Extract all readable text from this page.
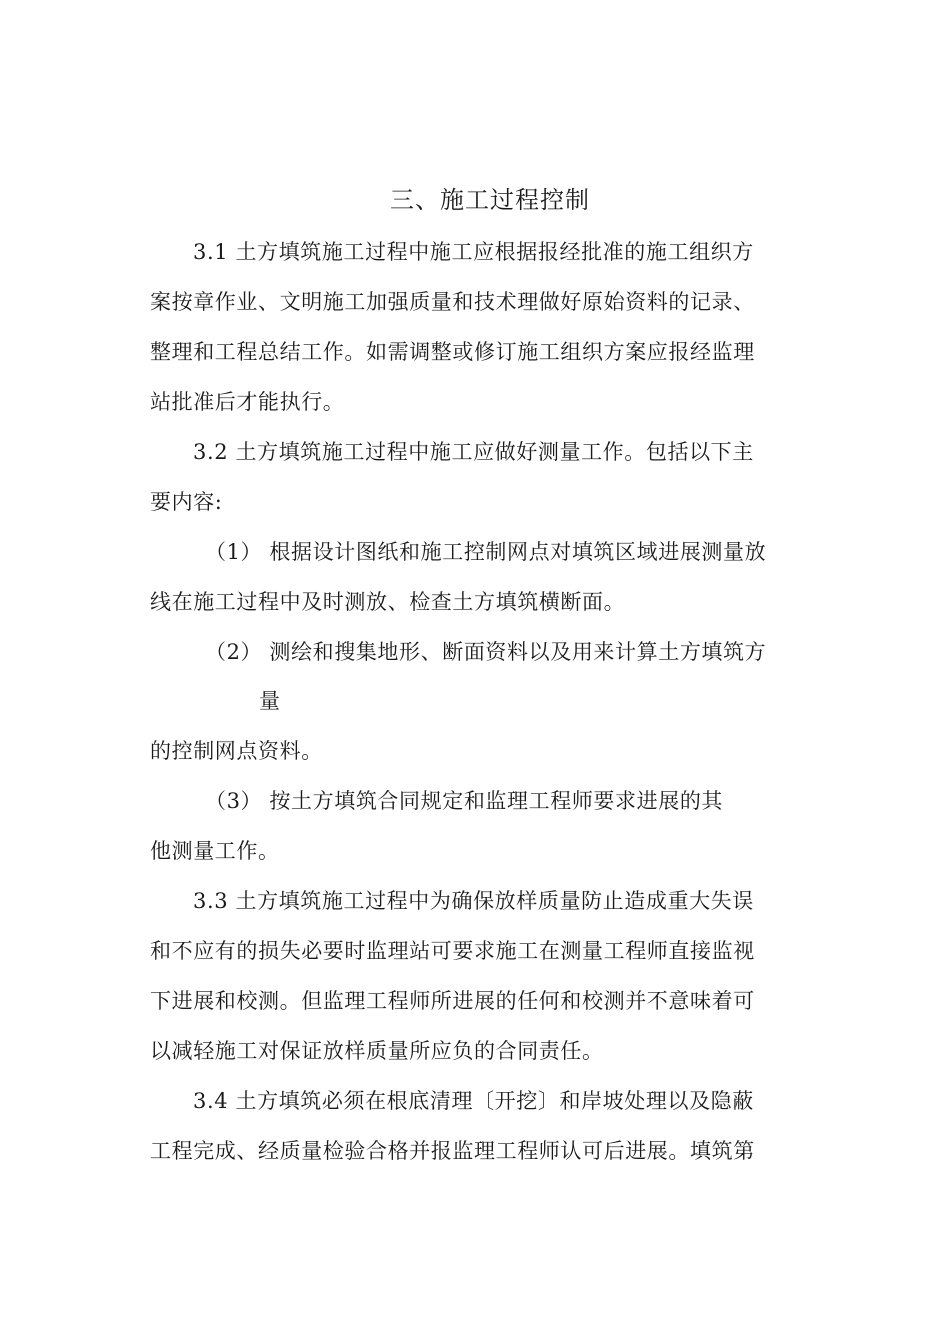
三、施工过程控制
3.1 土方填筑施工过程中施工应根据报经批准的施工组织方
案按章作业、文明施工加强质量和技术理做好原始资料的记录、
整理和工程总结工作。如需调整或修订施工组织方案应报经监理
站批准后才能执行。
3.2 土方填筑施工过程中施工应做好测量工作。包括以下主
要内容:
（1） 根据设计图纸和施工控制网点对填筑区域进展测量放
线在施工过程中及时测放、检查土方填筑横断面。
（2） 测绘和搜集地形、断面资料以及用来计算土方填筑方
量
的控制网点资料。
（3） 按土方填筑合同规定和监理工程师要求进展的其
他测量工作。
3.3 土方填筑施工过程中为确保放样质量防止造成重大失误
和不应有的损失必要时监理站可要求施工在测量工程师直接监视
下进展和校测。但监理工程师所进展的任何和校测并不意味着可
以减轻施工对保证放样质量所应负的合同责任。
3.4 土方填筑必须在根底清理〔开挖〕和岸坡处理以及隐蔽
工程完成、经质量检验合格并报监理工程师认可后进展。填筑第
